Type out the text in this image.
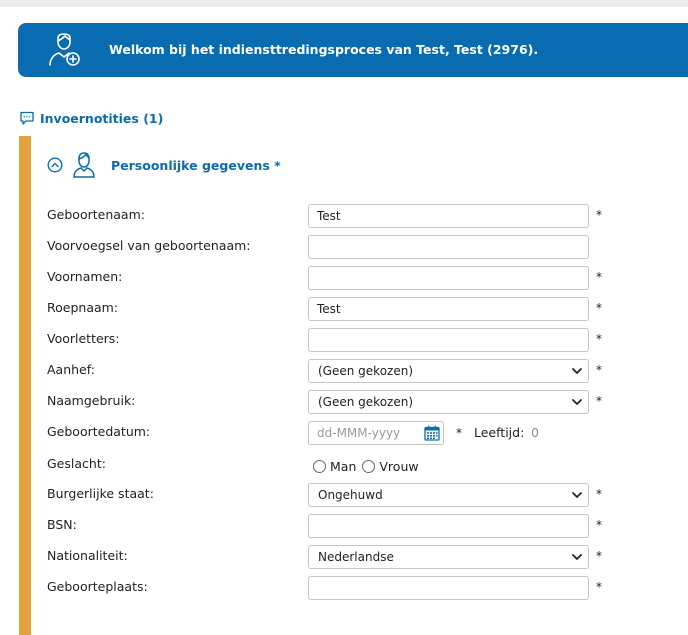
Welkom bij het indiensttredingsproces van Test, Test (2976).
Invoernotities (1)
Persoonlijke gegevens *
Geboortenaam:	Test	*
Voorvoegsel van geboortenaam:
Voornamen:	*
Roepnaam:	Test	*
Voorletters:	*
Aanhef:	(Geen gekozen)	*
Naamgebruik:	(Geen gekozen)	*
Geboortedatum:	dd-MMM-yyyy	* Leeftijd: 0
Geslacht:	Man Vrouw
Burgerlijke staat:	Ongehuwd	*
BSN:	*
Nationaliteit:	Nederlandse	*
Geboorteplaats:	*
